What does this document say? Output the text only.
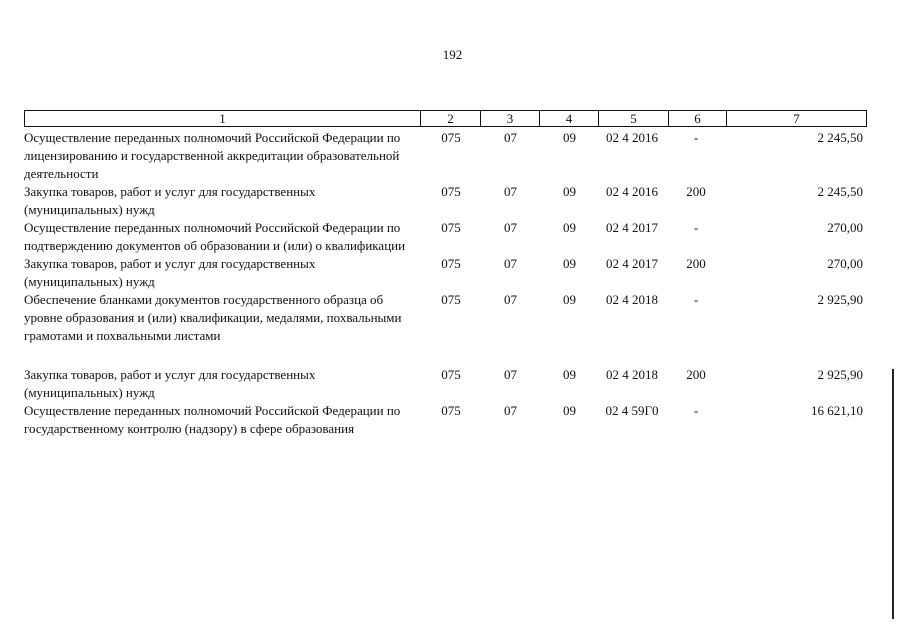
192
1	2	3	4	5	6	7
Осуществление переданных полномочий Российской Федерации по лицензированию и государственной аккредитации образовательной деятельности
075	07	09	02 4 2016	-	2 245,50
Закупка товаров, работ и услуг для государственных (муниципальных) нужд
075	07	09	02 4 2016	200	2 245,50
Осуществление переданных полномочий Российской Федерации по подтверждению документов об образовании и (или) о квалификации
075	07	09	02 4 2017	-	270,00
Закупка товаров, работ и услуг для государственных (муниципальных) нужд
075	07	09	02 4 2017	200	270,00
Обеспечение бланками документов государственного образца об уровне образования и (или) квалификации, медалями, похвальными грамотами и похвальными листами
075	07	09	02 4 2018	-	2 925,90
Закупка товаров, работ и услуг для государственных (муниципальных) нужд
075	07	09	02 4 2018	200	2 925,90
Осуществление переданных полномочий Российской Федерации по государственному контролю (надзору) в сфере образования
075	07	09	02 4 59Г0	-	16 621,10
